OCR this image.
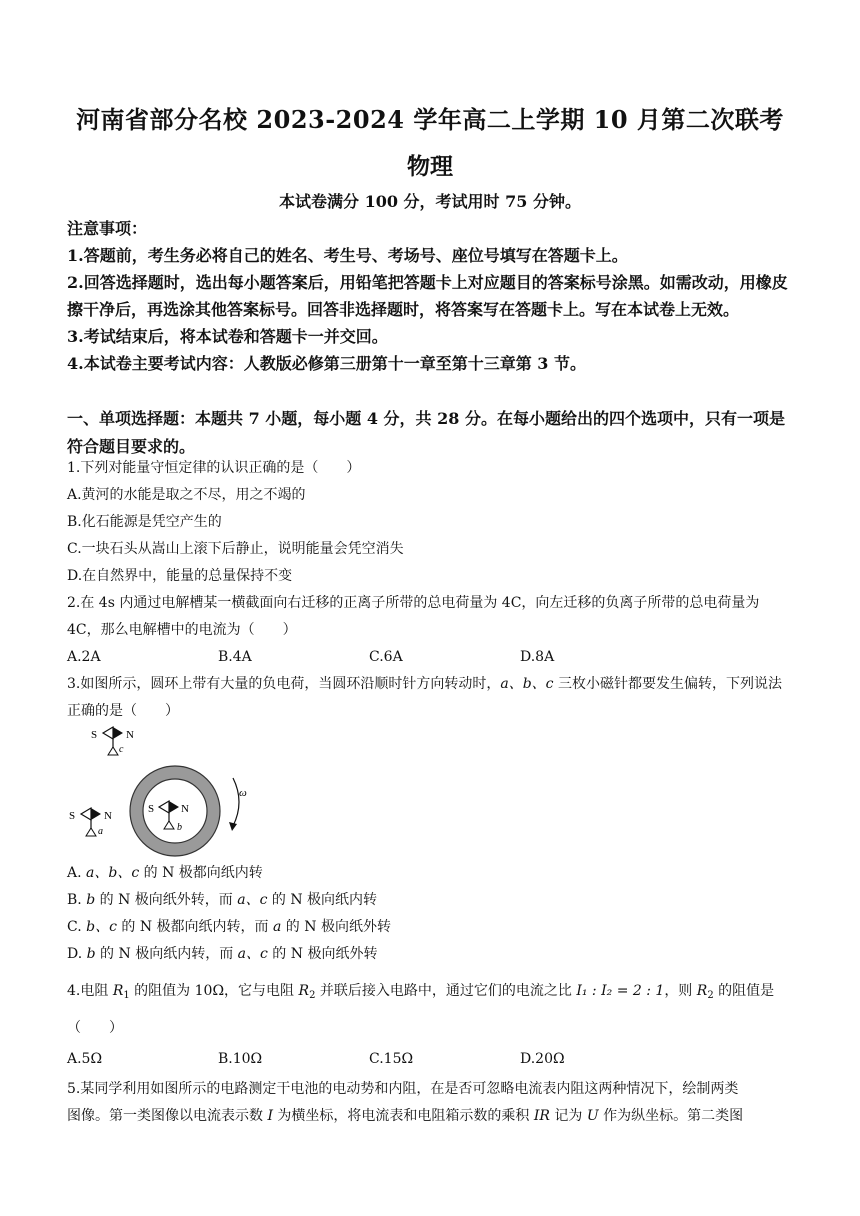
河南省部分名校 2023-2024 学年高二上学期 10 月第二次联考
物理
本试卷满分 100 分，考试用时 75 分钟。

注意事项：

1.答题前，考生务必将自己的姓名、考生号、考场号、座位号填写在答题卡上。

2.回答选择题时，选出每小题答案后，用铅笔把答题卡上对应题目的答案标号涂黑。如需改动，用橡皮擦干净后，再选涂其他答案标号。回答非选择题时，将答案写在答题卡上。写在本试卷上无效。

3.考试结束后，将本试卷和答题卡一并交回。

4.本试卷主要考试内容：人教版必修第三册第十一章至第十三章第 3 节。

一、单项选择题：本题共 7 小题，每小题 4 分，共 28 分。在每小题给出的四个选项中，只有一项是符合题目要求的。

1.下列对能量守恒定律的认识正确的是（　　）

A.黄河的水能是取之不尽，用之不竭的

B.化石能源是凭空产生的

C.一块石头从嵩山上滚下后静止，说明能量会凭空消失

D.在自然界中，能量的总量保持不变

2.在 4s 内通过电解槽某一横截面向右迁移的正离子所带的总电荷量为 4C，向左迁移的负离子所带的总电荷量为 4C，那么电解槽中的电流为（　　）

A.2A	B.4A	C.6A	D.8A

3.如图所示，圆环上带有大量的负电荷，当圆环沿顺时针方向转动时，a、b、c 三枚小磁针都要发生偏转，下列说法正确的是（　　）

S	N
c
S	N
a
S N
b
ω

A. a、b、c 的 N 极都向纸内转

B. b 的 N 极向纸外转，而 a、c 的 N 极向纸内转

C. b、c 的 N 极都向纸内转，而 a 的 N 极向纸外转

D. b 的 N 极向纸内转，而 a、c 的 N 极向纸外转

4.电阻 $R_1$ 的阻值为 10Ω，它与电阻 $R_2$ 并联后接入电路中，通过它们的电流之比 I₁ : I₂ = 2 : 1，则 $R_2$ 的阻值是

（　　）

A.5Ω	B.10Ω	C.15Ω	D.20Ω

5.某同学利用如图所示的电路测定干电池的电动势和内阻，在是否可忽略电流表内阻这两种情况下，绘制两类

图像。第一类图像以电流表示数 I 为横坐标，将电流表和电阻箱示数的乘积 IR 记为 U 作为纵坐标。第二类图
